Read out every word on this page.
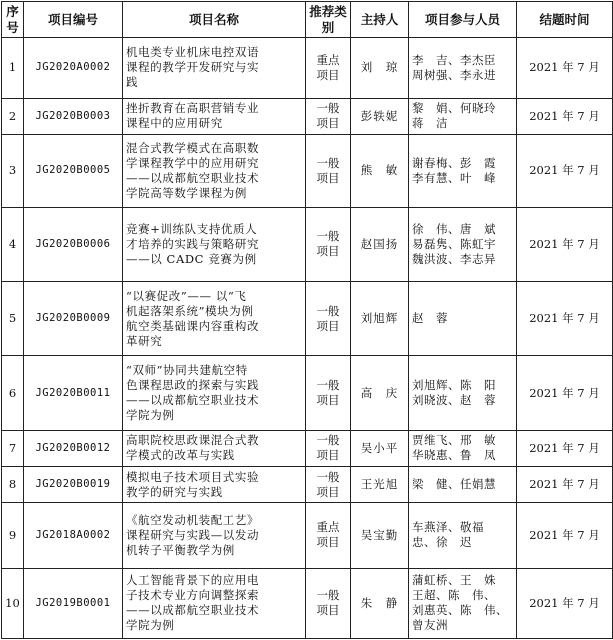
序号	项目编号	项目名称	推荐类别	主持人	项目参与人员	结题时间
1	JG2020A0002	机电类专业机床电控双语
课程的教学开发研究与实
践	重点
项目	刘　琼	李　吉、李杰臣
周树强、李永进	2021 年 7 月
2	JG2020B0003	挫折教育在高职营销专业
课程中的应用研究	一般
项目	彭轶妮	黎　娟、何晓玲
蒋　洁	2021 年 7 月
3	JG2020B0005	混合式教学模式在高职数
学课程教学中的应用研究
——以成都航空职业技术
学院高等数学课程为例	一般
项目	熊　敏	谢春梅、彭　霞
李有慧、叶　峰	2021 年 7 月
4	JG2020B0006	竞赛+训练队支持优质人
才培养的实践与策略研究
——以 CADC 竞赛为例	一般
项目	赵国扬	徐　伟、唐　斌
易磊隽、陈虹宇
魏洪波、李志异	2021 年 7 月
5	JG2020B0009	“以赛促改”—— 以“飞
机起落架系统”模块为例
航空类基础课内容重构改
革研究	一般
项目	刘旭辉	赵　蓉	2021 年 7 月
6	JG2020B0011	“双师”协同共建航空特
色课程思政的探索与实践
——以成都航空职业技术
学院为例	一般
项目	高　庆	刘旭辉、陈　阳
刘晓波、赵　蓉	2021 年 7 月
7	JG2020B0012	高职院校思政课混合式教
学模式的改革与实践	一般
项目	吴小平	贾维飞、邢　敏
华晓惠、鲁　凤	2021 年 7 月
8	JG2020B0019	模拟电子技术项目式实验
教学的研究与实践	一般
项目	王光旭	梁　健、任娟慧	2021 年 7 月
9	JG2018A0002	《航空发动机装配工艺》
课程研究与实践—以发动
机转子平衡教学为例	重点
项目	吴宝勤	车燕泽、敬福
忠、徐　迟	2021 年 7 月
10	JG2019B0001	人工智能背景下的应用电
子技术专业方向调整探索
——以成都航空职业技术
学院为例	一般
项目	朱　静	蒲虹桥、王　姝
王超、陈　伟、
刘惠英、陈　伟、
曾友洲	2021 年 7 月
